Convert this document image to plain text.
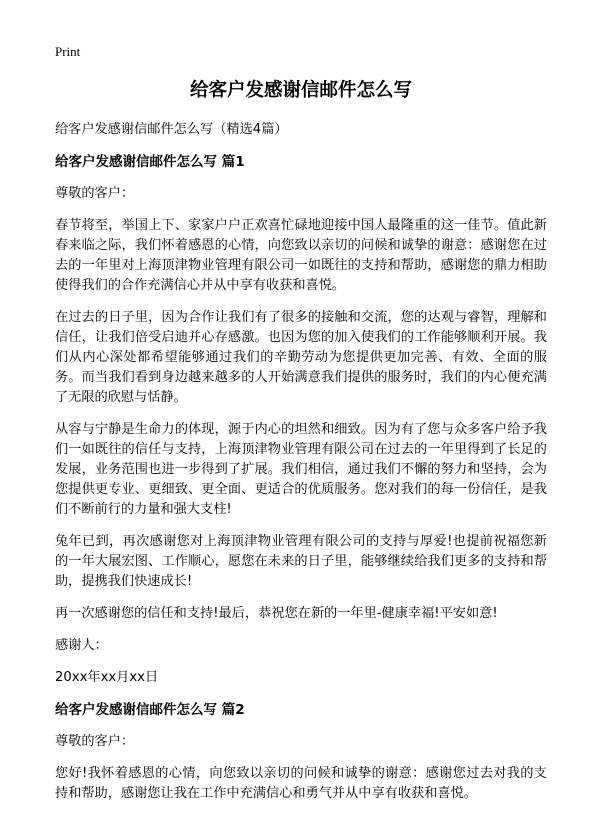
Print
给客户发感谢信邮件怎么写
给客户发感谢信邮件怎么写（精选4篇）
给客户发感谢信邮件怎么写 篇1
尊敬的客户：
春节将至，举国上下、家家户户正欢喜忙碌地迎接中国人最隆重的这一佳节。值此新春来临之际，我们怀着感恩的心情，向您致以亲切的问候和诚挚的谢意：感谢您在过去的一年里对上海顶津物业管理有限公司一如既往的支持和帮助，感谢您的鼎力相助使得我们的合作充满信心并从中享有收获和喜悦。
在过去的日子里，因为合作让我们有了很多的接触和交流，您的达观与睿智，理解和信任，让我们倍受启迪并心存感激。也因为您的加入使我们的工作能够顺利开展。我们从内心深处都希望能够通过我们的辛勤劳动为您提供更加完善、有效、全面的服务。而当我们看到身边越来越多的人开始满意我们提供的服务时，我们的内心便充满了无限的欣慰与恬静。
从容与宁静是生命力的体现，源于内心的坦然和细致。因为有了您与众多客户给予我们一如既往的信任与支持，上海顶津物业管理有限公司在过去的一年里得到了长足的发展，业务范围也进一步得到了扩展。我们相信，通过我们不懈的努力和坚持，会为您提供更专业、更细致、更全面、更适合的优质服务。您对我们的每一份信任，是我们不断前行的力量和强大支柱!
兔年已到，再次感谢您对上海顶津物业管理有限公司的支持与厚爱!也提前祝福您新的一年大展宏图、工作顺心，愿您在未来的日子里，能够继续给我们更多的支持和帮助，提携我们快速成长!
再一次感谢您的信任和支持!最后，恭祝您在新的一年里-健康幸福!平安如意!
感谢人：
20xx年xx月xx日
给客户发感谢信邮件怎么写 篇2
尊敬的客户：
您好!我怀着感恩的心情，向您致以亲切的问候和诚挚的谢意：感谢您过去对我的支持和帮助，感谢您让我在工作中充满信心和勇气并从中享有收获和喜悦。
